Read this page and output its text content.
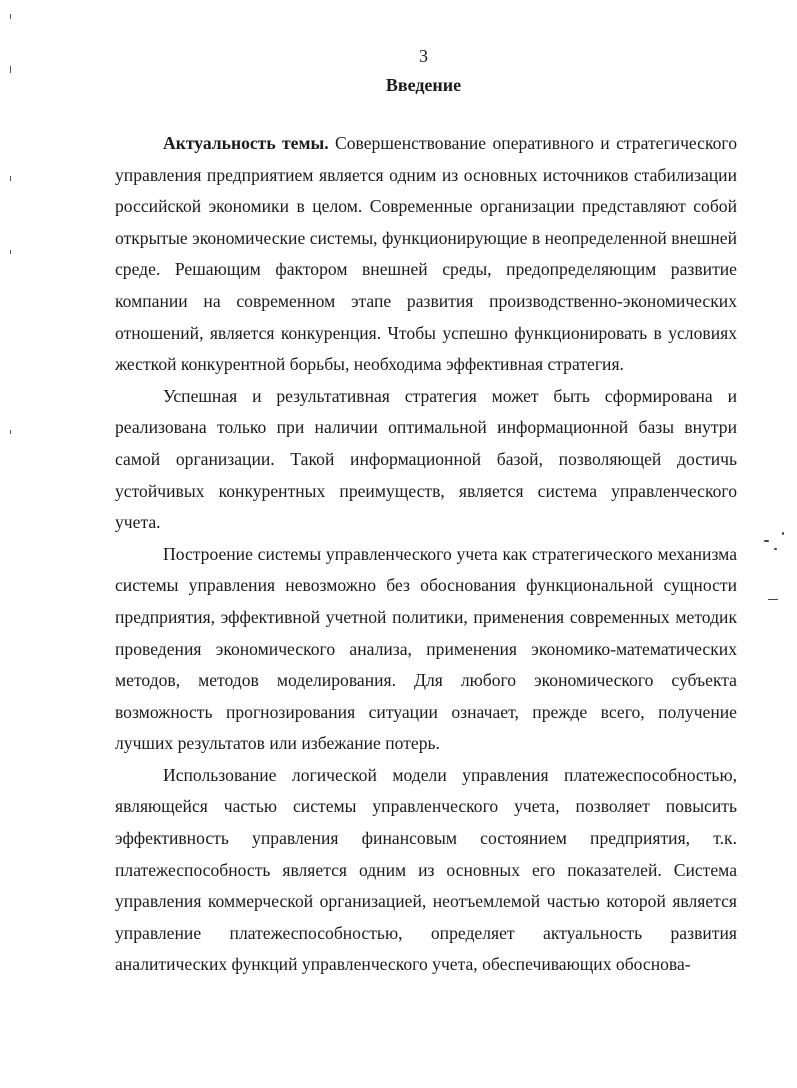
3
Введение

Актуальность темы. Совершенствование оперативного и стратегического управления предприятием является одним из основных источников стабилизации российской экономики в целом. Современные организации представляют собой открытые экономические системы, функционирующие в неопределенной внешней среде. Решающим фактором внешней среды, предопределяющим развитие компании на современном этапе развития производственно-экономических отношений, является конкуренция. Чтобы успешно функционировать в условиях жесткой конкурентной борьбы, необходима эффективная стратегия.

Успешная и результативная стратегия может быть сформирована и реализована только при наличии оптимальной информационной базы внутри самой организации. Такой информационной базой, позволяющей достичь устойчивых конкурентных преимуществ, является система управленческого учета.

Построение системы управленческого учета как стратегического механизма системы управления невозможно без обоснования функциональной сущности предприятия, эффективной учетной политики, применения современных методик проведения экономического анализа, применения экономико-математических методов, методов моделирования. Для любого экономического субъекта возможность прогнозирования ситуации означает, прежде всего, получение лучших результатов или избежание потерь.

Использование логической модели управления платежеспособностью, являющейся частью системы управленческого учета, позволяет повысить эффективность управления финансовым состоянием предприятия, т.к. платежеспособность является одним из основных его показателей. Система управления коммерческой организацией, неотъемлемой частью которой является управление платежеспособностью, определяет актуальность развития аналитических функций управленческого учета, обеспечивающих обоснова-
